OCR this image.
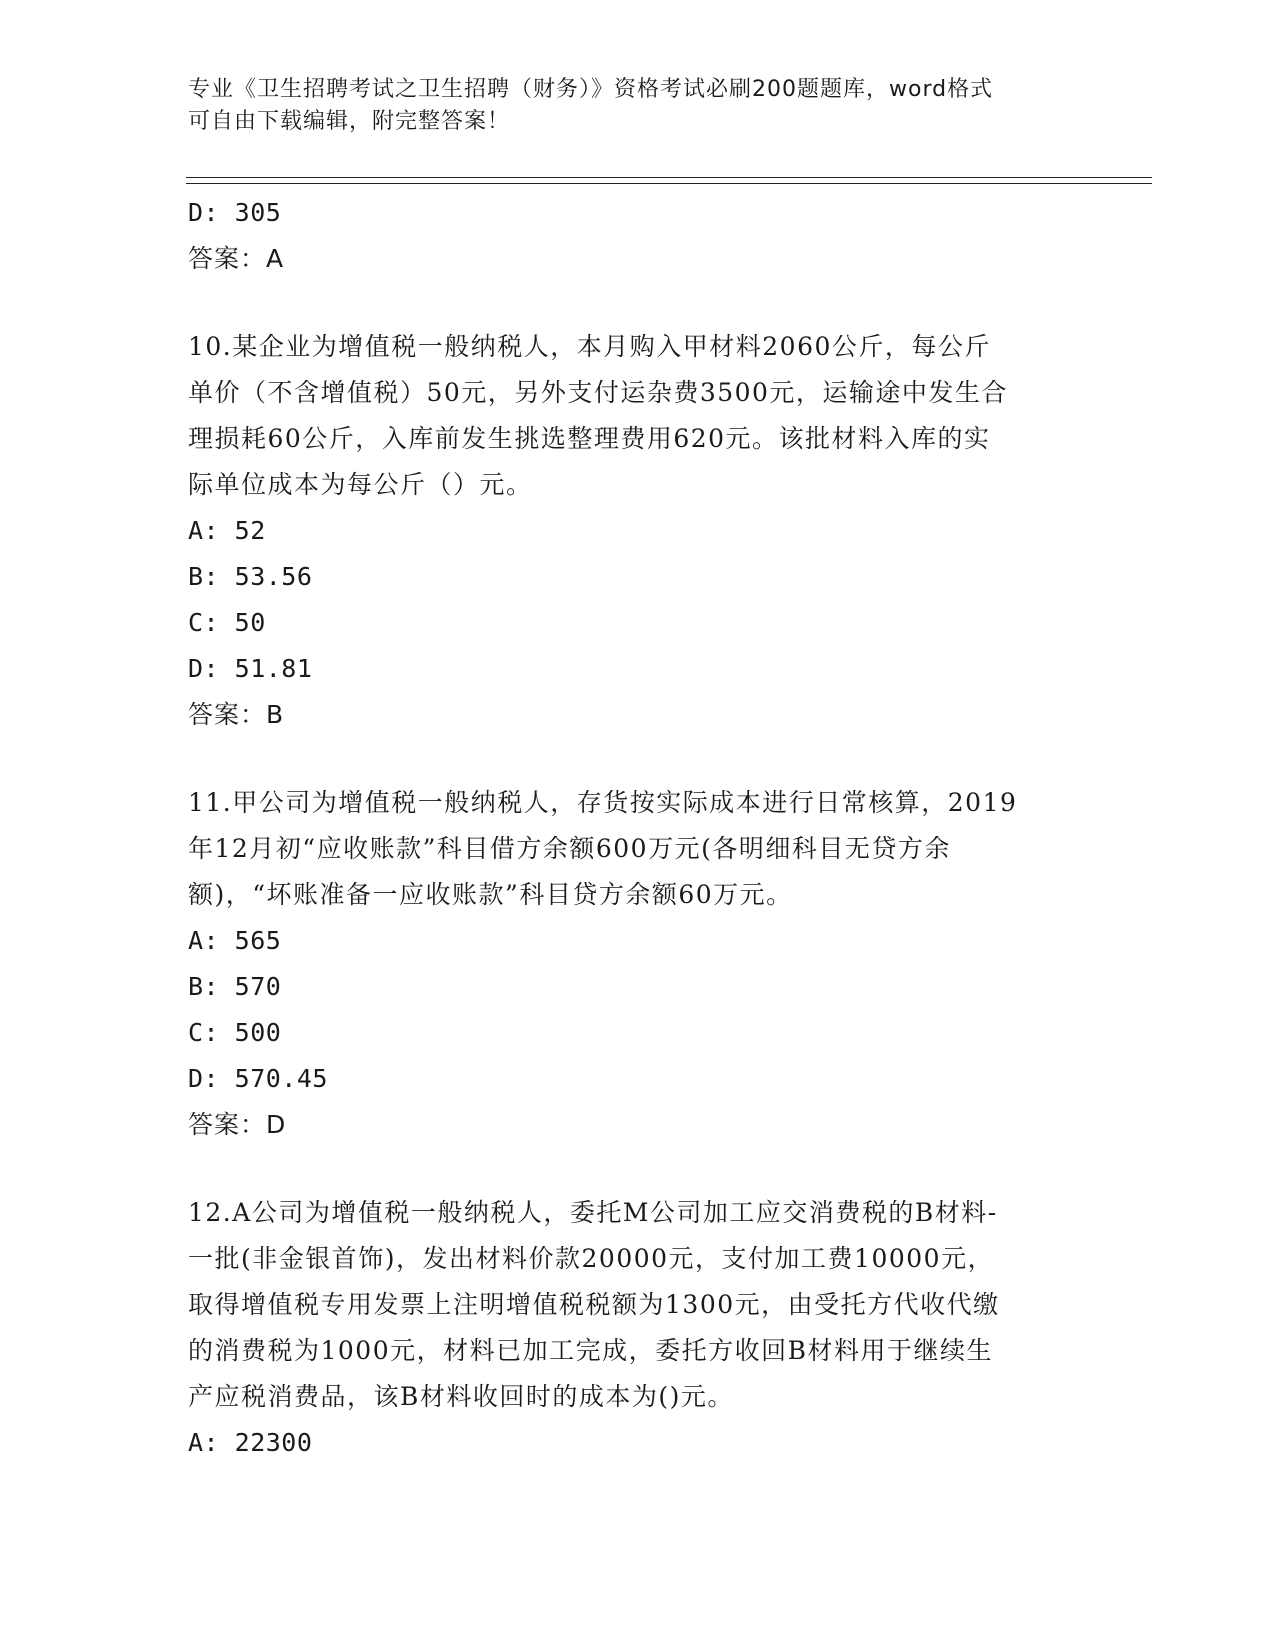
专业《卫生招聘考试之卫生招聘（财务）》资格考试必刷200题题库，word格式
可自由下载编辑，附完整答案！
D: 305
答案：A
10.某企业为增值税一般纳税人，本月购入甲材料2060公斤，每公斤
单价（不含增值税）50元，另外支付运杂费3500元，运输途中发生合
理损耗60公斤，入库前发生挑选整理费用620元。该批材料入库的实
际单位成本为每公斤（）元。
A: 52
B: 53.56
C: 50
D: 51.81
答案：B
11.甲公司为增值税一般纳税人，存货按实际成本进行日常核算，2019
年12月初“应收账款”科目借方余额600万元(各明细科目无贷方余
额)，“坏账准备一应收账款”科目贷方余额60万元。
A: 565
B: 570
C: 500
D: 570.45
答案：D
12.A公司为增值税一般纳税人，委托M公司加工应交消费税的B材料-
一批(非金银首饰)，发出材料价款20000元，支付加工费10000元，
取得增值税专用发票上注明增值税税额为1300元，由受托方代收代缴
的消费税为1000元，材料已加工完成，委托方收回B材料用于继续生
产应税消费品，该B材料收回时的成本为()元。
A: 22300
